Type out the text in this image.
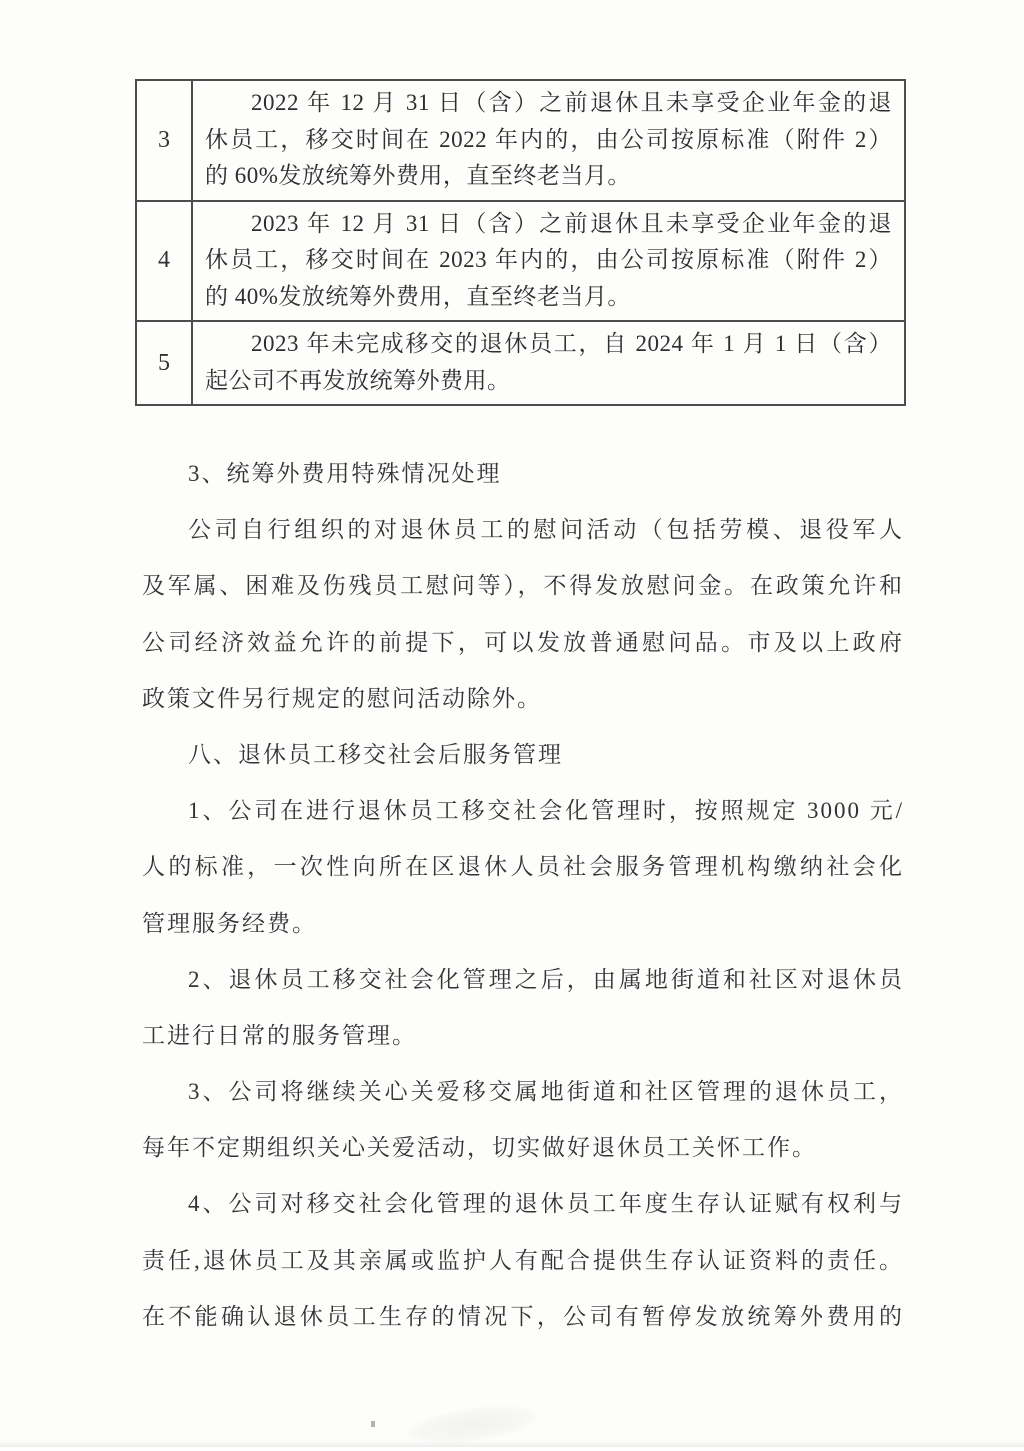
3	2022 年 12 月 31 日（含）之前退休且未享受企业年金的退
休员工，移交时间在 2022 年内的，由公司按原标准（附件 2）
的 60%发放统筹外费用，直至终老当月。

4	2023 年 12 月 31 日（含）之前退休且未享受企业年金的退
休员工，移交时间在 2023 年内的，由公司按原标准（附件 2）
的 40%发放统筹外费用，直至终老当月。

5	2023 年未完成移交的退休员工，自 2024 年 1 月 1 日（含）
起公司不再发放统筹外费用。
3、统筹外费用特殊情况处理
公司自行组织的对退休员工的慰问活动（包括劳模、退役军人
及军属、困难及伤残员工慰问等），不得发放慰问金。在政策允许和
公司经济效益允许的前提下，可以发放普通慰问品。市及以上政府
政策文件另行规定的慰问活动除外。
八、退休员工移交社会后服务管理
1、公司在进行退休员工移交社会化管理时，按照规定 3000 元/
人的标准，一次性向所在区退休人员社会服务管理机构缴纳社会化
管理服务经费。
2、退休员工移交社会化管理之后，由属地街道和社区对退休员
工进行日常的服务管理。
3、公司将继续关心关爱移交属地街道和社区管理的退休员工，
每年不定期组织关心关爱活动，切实做好退休员工关怀工作。
4、公司对移交社会化管理的退休员工年度生存认证赋有权利与
责任,退休员工及其亲属或监护人有配合提供生存认证资料的责任。
在不能确认退休员工生存的情况下，公司有暂停发放统筹外费用的
